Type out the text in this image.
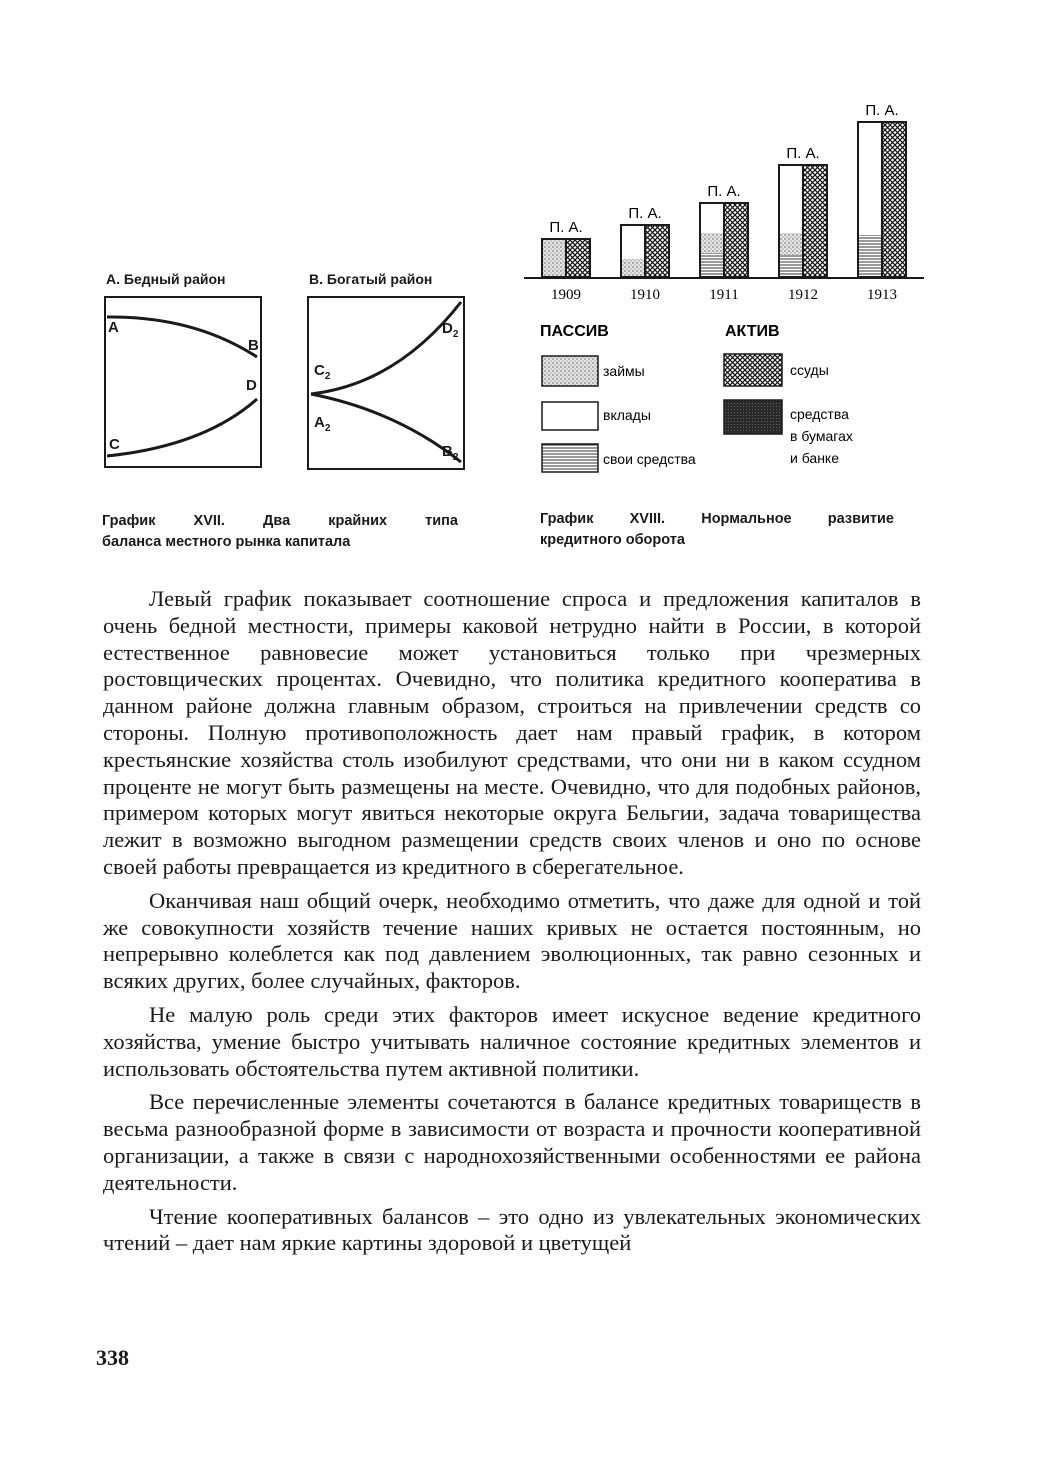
А. Бедный район	В. Богатый район
A
B
C
D
$C_2$
$D_2$
$A_2$
$B_2$
График XVII. Два крайних типа
баланса местного рынка капитала
П. А.
П. А.
П. А.
П. А.
П. А.
1909	1910	1911	1912	1913
ПАССИВ	АКТИВ
займы
вклады
свои средства
ссуды
средства
в бумагах
и банке
График XVIII. Нормальное развитие
кредитного оборота

Левый график показывает соотношение спроса и предложения капиталов в очень бедной местности, примеры каковой нетрудно найти в России, в которой естественное равновесие может установиться только при чрезмерных ростовщических процентах. Очевидно, что политика кредитного кооператива в данном районе должна главным образом, строиться на привлечении средств со стороны. Полную противоположность дает нам правый график, в котором крестьянские хозяйства столь изобилуют средствами, что они ни в каком ссудном проценте не могут быть размещены на месте. Очевидно, что для подобных районов, примером которых могут явиться некоторые округа Бельгии, задача товарищества лежит в возможно выгодном размещении средств своих членов и оно по основе своей работы превращается из кредитного в сберегательное.

Оканчивая наш общий очерк, необходимо отметить, что даже для одной и той же совокупности хозяйств течение наших кривых не остается постоянным, но непрерывно колеблется как под давлением эволюционных, так равно сезонных и всяких других, более случайных, факторов.

Не малую роль среди этих факторов имеет искусное ведение кредитного хозяйства, умение быстро учитывать наличное состояние кредитных элементов и использовать обстоятельства путем активной политики.

Все перечисленные элементы сочетаются в балансе кредитных товариществ в весьма разнообразной форме в зависимости от возраста и прочности кооперативной организации, а также в связи с народнохозяйственными особенностями ее района деятельности.

Чтение кооперативных балансов – это одно из увлекательных экономических чтений – дает нам яркие картины здоровой и цветущей

338
